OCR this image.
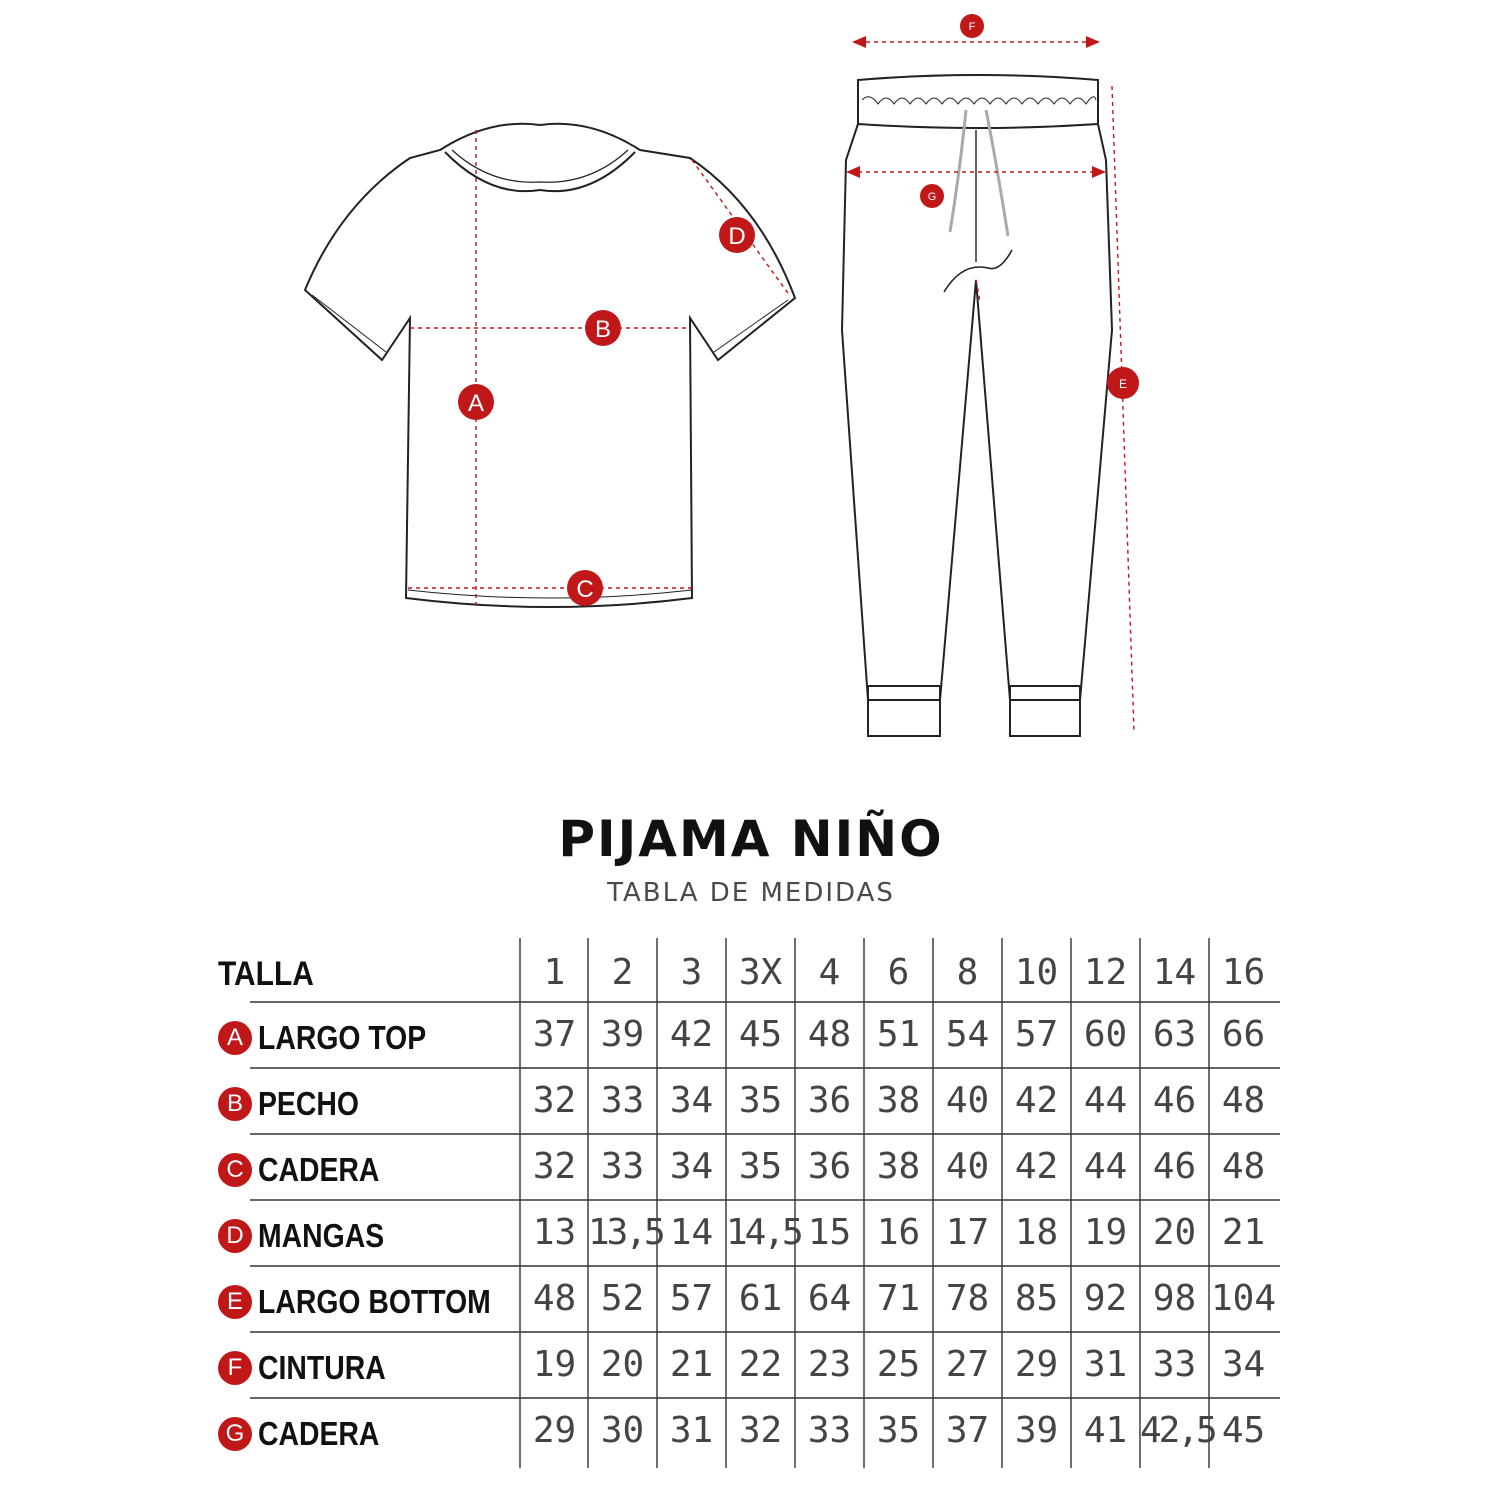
A
B
C
D
E
F
G
PIJAMA NIÑO
TABLA DE MEDIDAS
TALLA	1	2	3	3X	4	6	8	10 12 14 16
A LARGO TOP	37 39 42 45 48 51 54 57 60 63 66
B PECHO	32 33 34 35 36 38 40 42 44 46 48
C CADERA	32 33 34 35 36 38 40 42 44 46 48
D MANGAS	13 13,5 14 14,5 15 16 17 18 19 20 21
E LARGO BOTTOM	48 52 57 61 64 71 78 85 92 98 104
F CINTURA	19 20 21 22 23 25 27 29 31 33 34
G CADERA	29 30 31 32 33 35 37 39 41 42,5 45
